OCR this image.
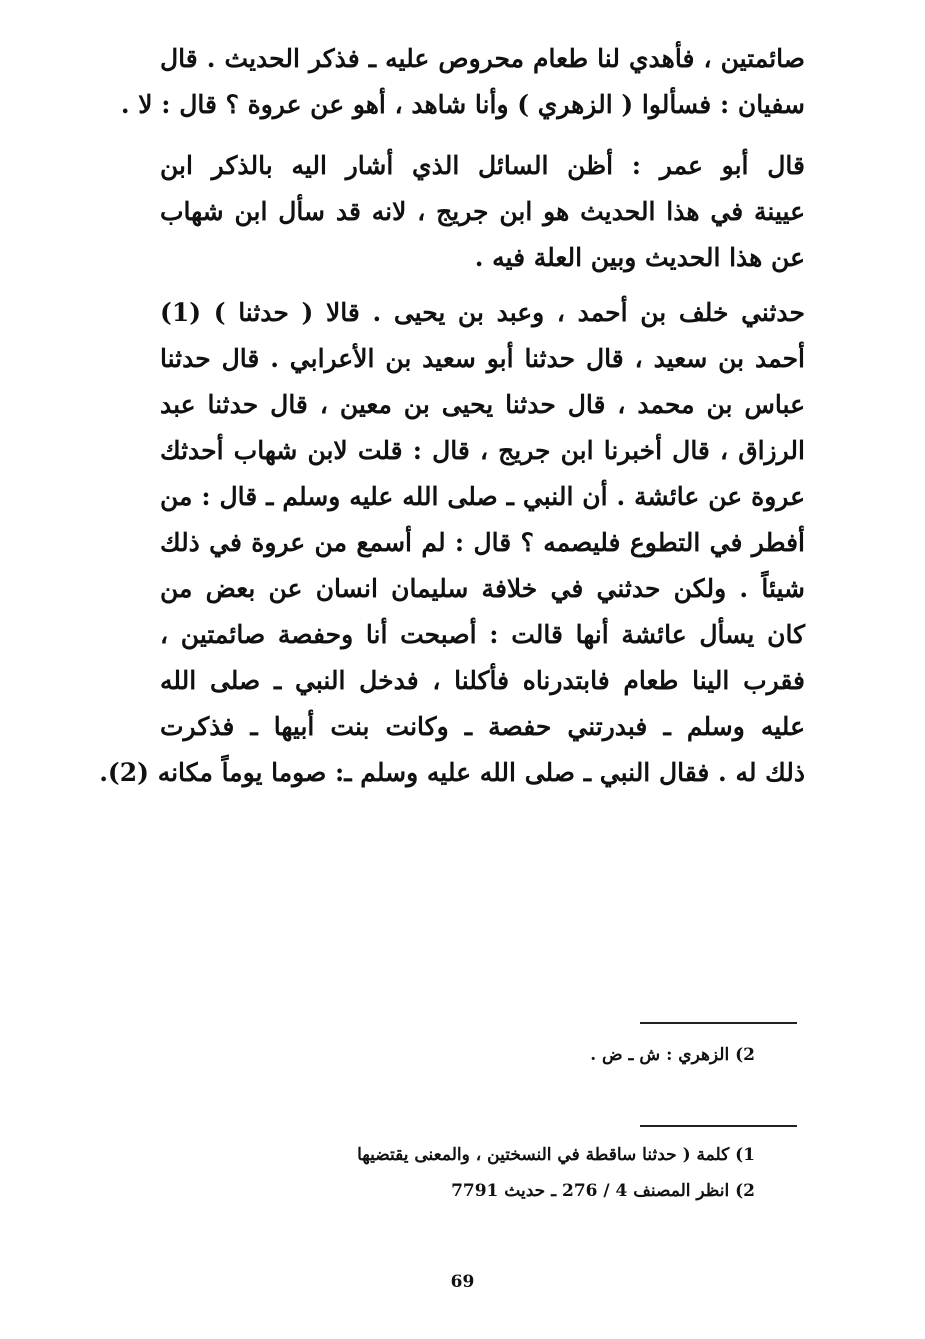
صائمتين ، فأهدي لنا طعام محروص عليه ـ فذكر الحديث . قال
سفيان : فسألوا ( الزهري ) وأنا شاهد ، أهو عن عروة ؟ قال : لا .
قال أبو عمر : أظن السائل الذي أشار اليه بالذكر ابن
عيينة في هذا الحديث هو ابن جريج ، لانه قد سأل ابن شهاب
عن هذا الحديث وبين العلة فيه .
حدثني خلف بن أحمد ، وعبد بن يحيى . قالا ( حدثنا ) (1)
أحمد بن سعيد ، قال حدثنا أبو سعيد بن الأعرابي . قال حدثنا
عباس بن محمد ، قال حدثنا يحيى بن معين ، قال حدثنا عبد
الرزاق ، قال أخبرنا ابن جريج ، قال : قلت لابن شهاب أحدثك
عروة عن عائشة . أن النبي ـ صلى الله عليه وسلم ـ قال : من
أفطر في التطوع فليصمه ؟ قال : لم أسمع من عروة في ذلك
شيئاً . ولكن حدثني في خلافة سليمان انسان عن بعض من
كان يسأل عائشة أنها قالت : أصبحت أنا وحفصة صائمتين ،
فقرب الينا طعام فابتدرناه فأكلنا ، فدخل النبي ـ صلى الله
عليه وسلم ـ فبدرتني حفصة ـ وكانت بنت أبيها ـ فذكرت
ذلك له . فقال النبي ـ صلى الله عليه وسلم ـ: صوما يوماً مكانه (2).
2) الزهري : ش ـ ض .
1) كلمة ( حدثنا ساقطة في النسختين ، والمعنى يقتضيها
2) انظر المصنف 4 / 276 ـ حديث 7791
69
